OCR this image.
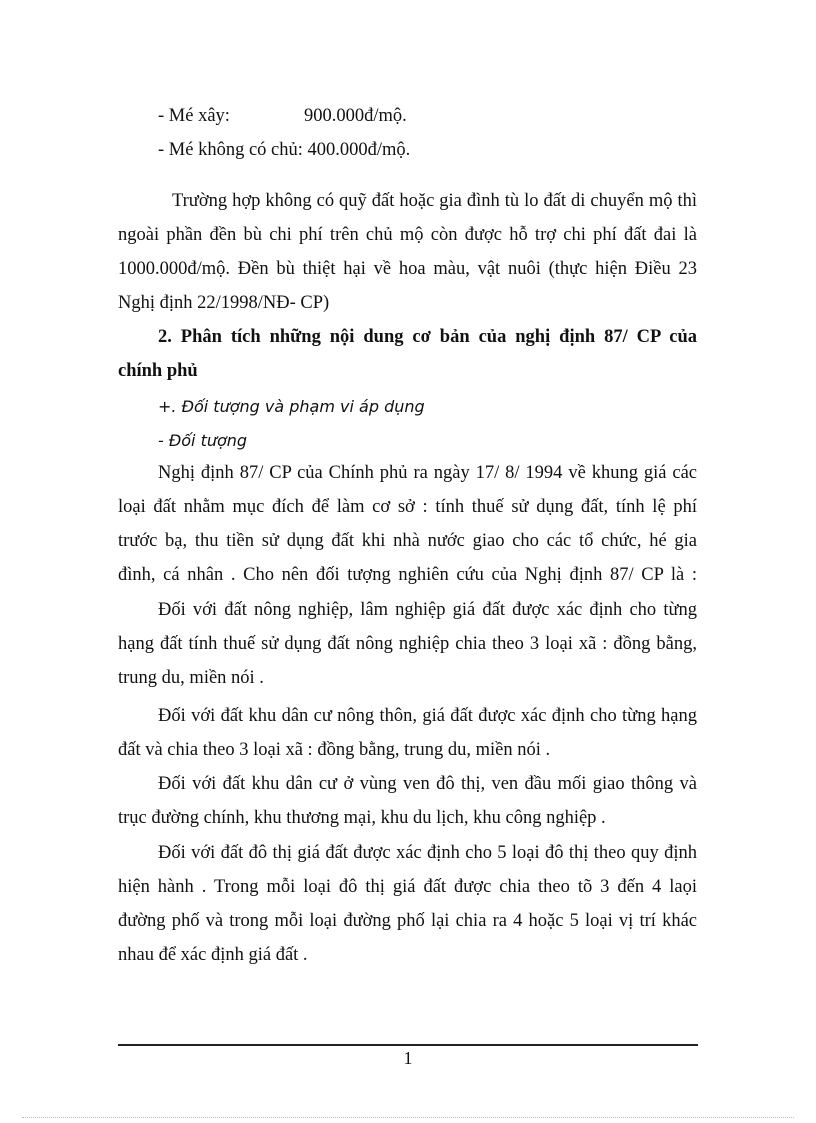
- Mé xây:	900.000đ/mộ.
- Mé không có chủ: 400.000đ/mộ.
Trường hợp không có quỹ đất hoặc gia đình tù lo đất di chuyển mộ thì
ngoài phần đền bù chi phí trên chủ mộ còn được hỗ trợ chi phí đất đai là
1000.000đ/mộ. Đền bù thiệt hại về hoa màu, vật nuôi (thực hiện Điều 23
Nghị định 22/1998/NĐ- CP)
2. Phân tích những nội dung cơ bản của nghị định 87/ CP của
chính phủ
+. Đối tượng và phạm vi áp dụng
- Đối tượng
Nghị định 87/ CP của Chính phủ ra ngày 17/ 8/ 1994 về khung giá các
loại đất nhằm mục đích để làm cơ sở : tính thuế sử dụng đất, tính lệ phí
trước bạ, thu tiền sử dụng đất khi nhà nước giao cho các tổ chức, hé gia
đình, cá nhân . Cho nên đối tượng nghiên cứu của Nghị định 87/ CP là :
Đối với đất nông nghiệp, lâm nghiệp giá đất được xác định cho từng
hạng đất tính thuế sử dụng đất nông nghiệp chia theo 3 loại xã : đồng bằng,
trung du, miền nói .
Đối với đất khu dân cư nông thôn, giá đất được xác định cho từng hạng
đất và chia theo 3 loại xã : đồng bằng, trung du, miền nói .
Đối với đất khu dân cư ở vùng ven đô thị, ven đầu mối giao thông và
trục đường chính, khu thương mại, khu du lịch, khu công nghiệp .
Đối với đất đô thị giá đất được xác định cho 5 loại đô thị theo quy định
hiện hành . Trong mỗi loại đô thị giá đất được chia theo tõ 3 đến 4 laọi
đường phố và trong mỗi loại đường phố lại chia ra 4 hoặc 5 loại vị trí khác
nhau để xác định giá đất .
1
